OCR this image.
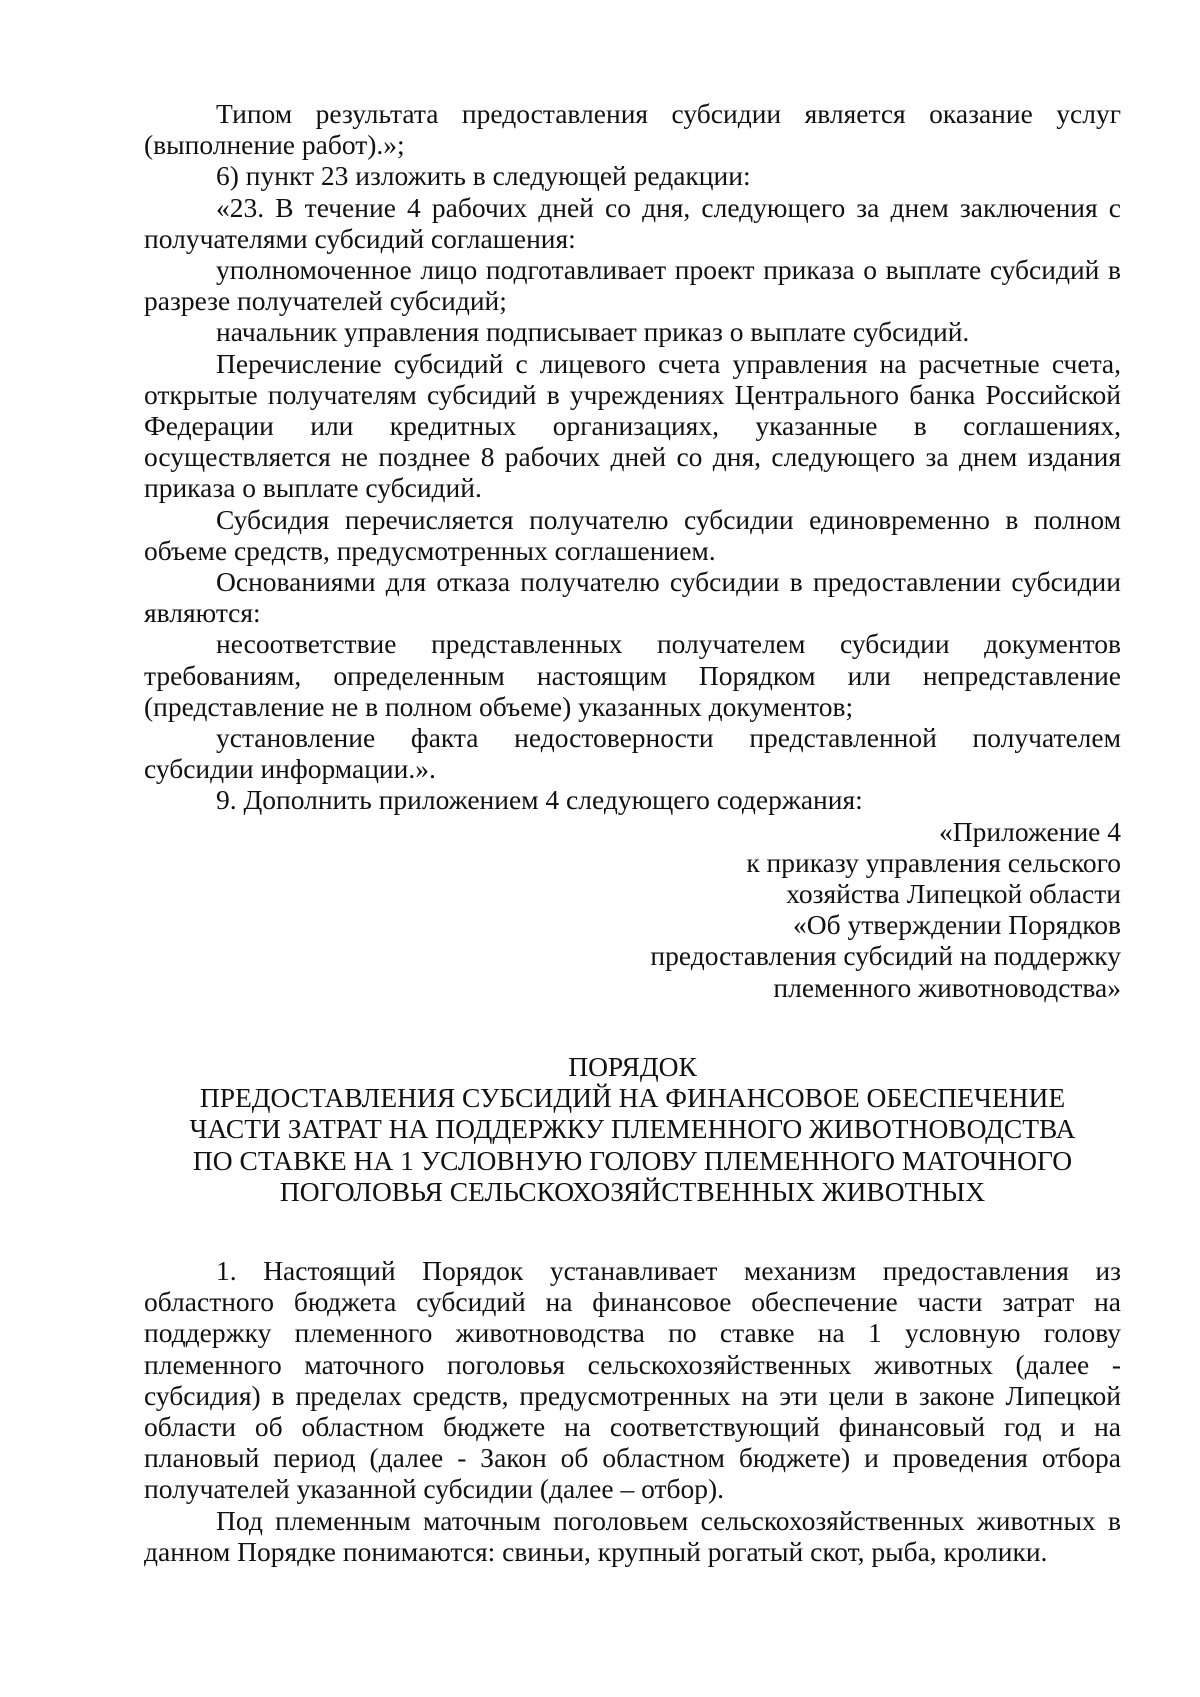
Типом результата предоставления субсидии является оказание услуг (выполнение работ).»;

6) пункт 23 изложить в следующей редакции:

«23. В течение 4 рабочих дней со дня, следующего за днем заключения с получателями субсидий соглашения:

уполномоченное лицо подготавливает проект приказа о выплате субсидий в разрезе получателей субсидий;

начальник управления подписывает приказ о выплате субсидий.

Перечисление субсидий с лицевого счета управления на расчетные счета, открытые получателям субсидий в учреждениях Центрального банка Российской Федерации или кредитных организациях, указанные в соглашениях, осуществляется не позднее 8 рабочих дней со дня, следующего за днем издания приказа о выплате субсидий.

Субсидия перечисляется получателю субсидии единовременно в полном объеме средств, предусмотренных соглашением.

Основаниями для отказа получателю субсидии в предоставлении субсидии являются:

несоответствие представленных получателем субсидии документов требованиям, определенным настоящим Порядком или непредставление (представление не в полном объеме) указанных документов;

установление факта недостоверности представленной получателем субсидии информации.».

9. Дополнить приложением 4 следующего содержания:

«Приложение 4
к приказу управления сельского
хозяйства Липецкой области
«Об утверждении Порядков
предоставления субсидий на поддержку
племенного животноводства»
ПОРЯДОК
ПРЕДОСТАВЛЕНИЯ СУБСИДИЙ НА ФИНАНСОВОЕ ОБЕСПЕЧЕНИЕ
ЧАСТИ ЗАТРАТ НА ПОДДЕРЖКУ ПЛЕМЕННОГО ЖИВОТНОВОДСТВА
ПО СТАВКЕ НА 1 УСЛОВНУЮ ГОЛОВУ ПЛЕМЕННОГО МАТОЧНОГО
ПОГОЛОВЬЯ СЕЛЬСКОХОЗЯЙСТВЕННЫХ ЖИВОТНЫХ

1. Настоящий Порядок устанавливает механизм предоставления из областного бюджета субсидий на финансовое обеспечение части затрат на поддержку племенного животноводства по ставке на 1 условную голову племенного маточного поголовья сельскохозяйственных животных (далее - субсидия) в пределах средств, предусмотренных на эти цели в законе Липецкой области об областном бюджете на соответствующий финансовый год и на плановый период (далее - Закон об областном бюджете) и проведения отбора получателей указанной субсидии (далее – отбор).

Под племенным маточным поголовьем сельскохозяйственных животных в данном Порядке понимаются: свиньи, крупный рогатый скот, рыба, кролики.
